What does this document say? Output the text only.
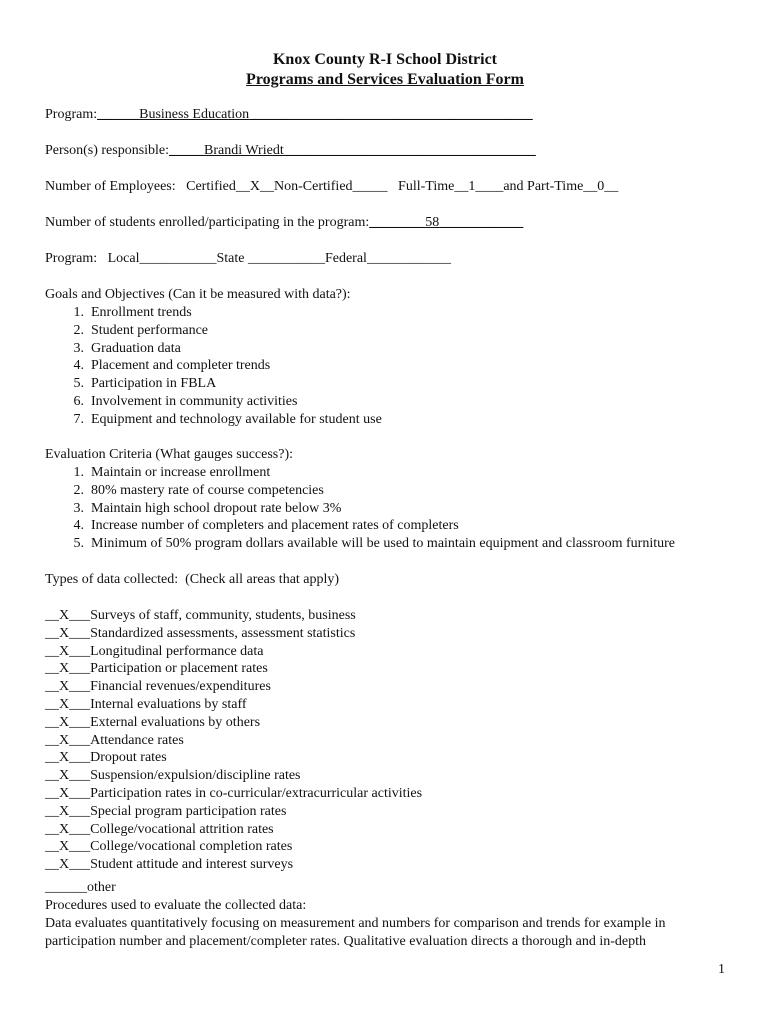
Knox County R-I School District
Programs and Services Evaluation Form
Program:______Business Education ________________________________________
Person(s) responsible:_____Brandi Wriedt____________________________________
Number of Employees:   Certified__X__Non-Certified_____   Full-Time__1____and Part-Time__0__
Number of students enrolled/participating in the program:________58____________
Program:   Local___________State ___________Federal____________
Goals and Objectives (Can it be measured with data?):
1.  Enrollment trends
2.  Student performance
3.  Graduation data
4.  Placement and completer trends
5.  Participation in FBLA
6.  Involvement in community activities
7.  Equipment and technology available for student use
Evaluation Criteria (What gauges success?):
1.  Maintain or increase enrollment
2.  80% mastery rate of course competencies
3.  Maintain high school dropout rate below 3%
4.  Increase number of completers and placement rates of completers
5.  Minimum of 50% program dollars available will be used to maintain equipment and classroom furniture
Types of data collected:  (Check all areas that apply)
__X___Surveys of staff, community, students, business
__X___Standardized assessments, assessment statistics
__X___Longitudinal performance data
__X___Participation or placement rates
__X___Financial revenues/expenditures
__X___Internal evaluations by staff
__X___External evaluations by others
__X___Attendance rates
__X___Dropout rates
__X___Suspension/expulsion/discipline rates
__X___Participation rates in co-curricular/extracurricular activities
__X___Special program participation rates
__X___College/vocational attrition rates
__X___College/vocational completion rates
__X___Student attitude and interest surveys
______other
Procedures used to evaluate the collected data:
Data evaluates quantitatively focusing on measurement and numbers for comparison and trends for example in participation number and placement/completer rates. Qualitative evaluation directs a thorough and in-depth
1
